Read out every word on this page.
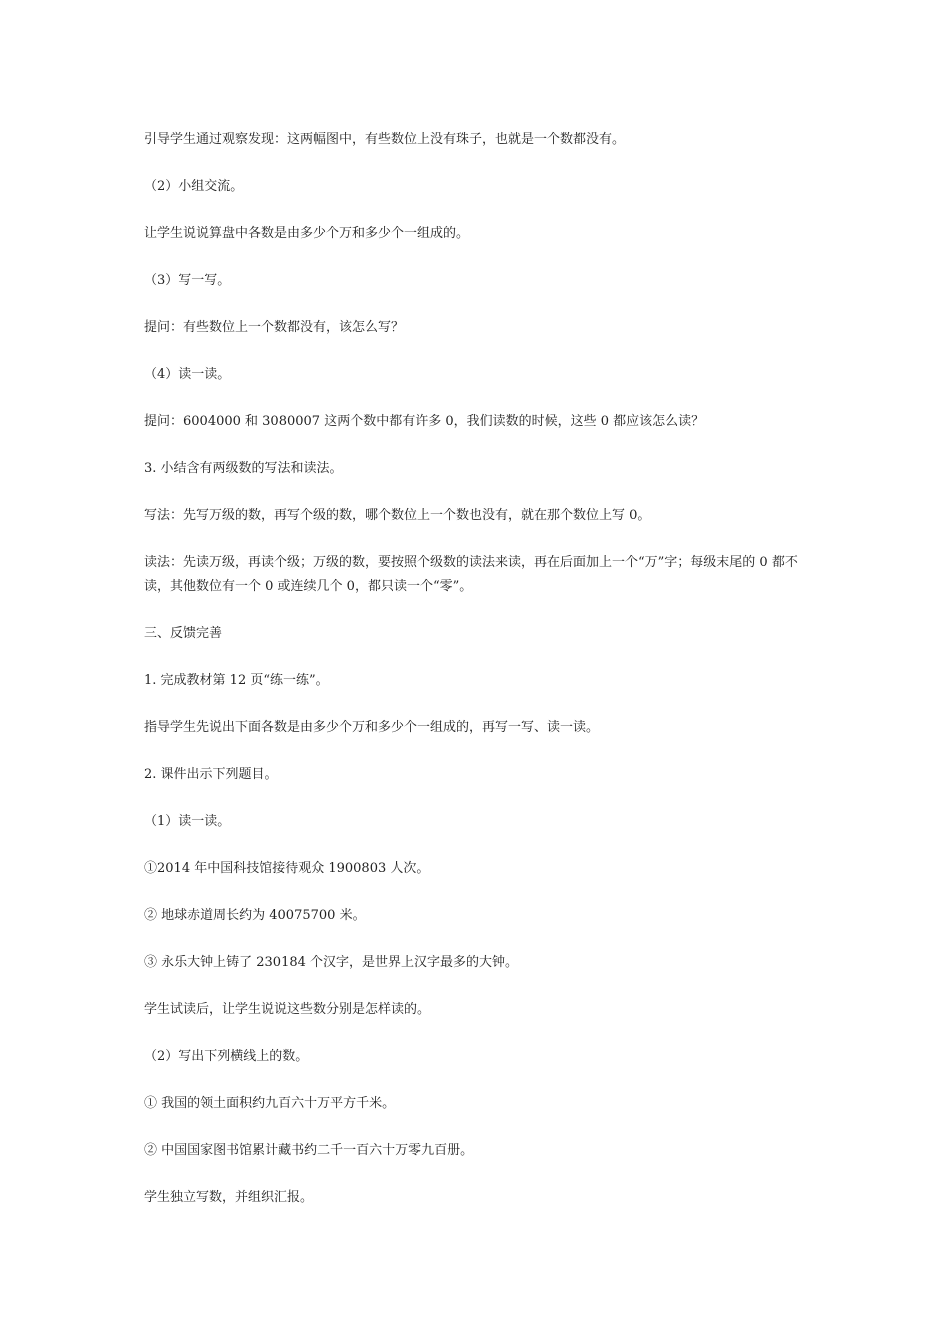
引导学生通过观察发现：这两幅图中，有些数位上没有珠子，也就是一个数都没有。

（2）小组交流。

让学生说说算盘中各数是由多少个万和多少个一组成的。

（3）写一写。

提问：有些数位上一个数都没有，该怎么写？

（4）读一读。

提问：6004000 和 3080007 这两个数中都有许多 0，我们读数的时候，这些 0 都应该怎么读？

3. 小结含有两级数的写法和读法。

写法：先写万级的数，再写个级的数，哪个数位上一个数也没有，就在那个数位上写 0。

读法：先读万级，再读个级；万级的数，要按照个级数的读法来读，再在后面加上一个“万”字；每级末尾的 0 都不读，其他数位有一个 0 或连续几个 0，都只读一个“零”。

三、反馈完善

1. 完成教材第 12 页“练一练”。

指导学生先说出下面各数是由多少个万和多少个一组成的，再写一写、读一读。

2. 课件出示下列题目。

（1）读一读。

①2014 年中国科技馆接待观众 1900803 人次。

② 地球赤道周长约为 40075700 米。

③ 永乐大钟上铸了 230184 个汉字，是世界上汉字最多的大钟。

学生试读后，让学生说说这些数分别是怎样读的。

（2）写出下列横线上的数。

① 我国的领土面积约九百六十万平方千米。

② 中国国家图书馆累计藏书约二千一百六十万零九百册。

学生独立写数，并组织汇报。
